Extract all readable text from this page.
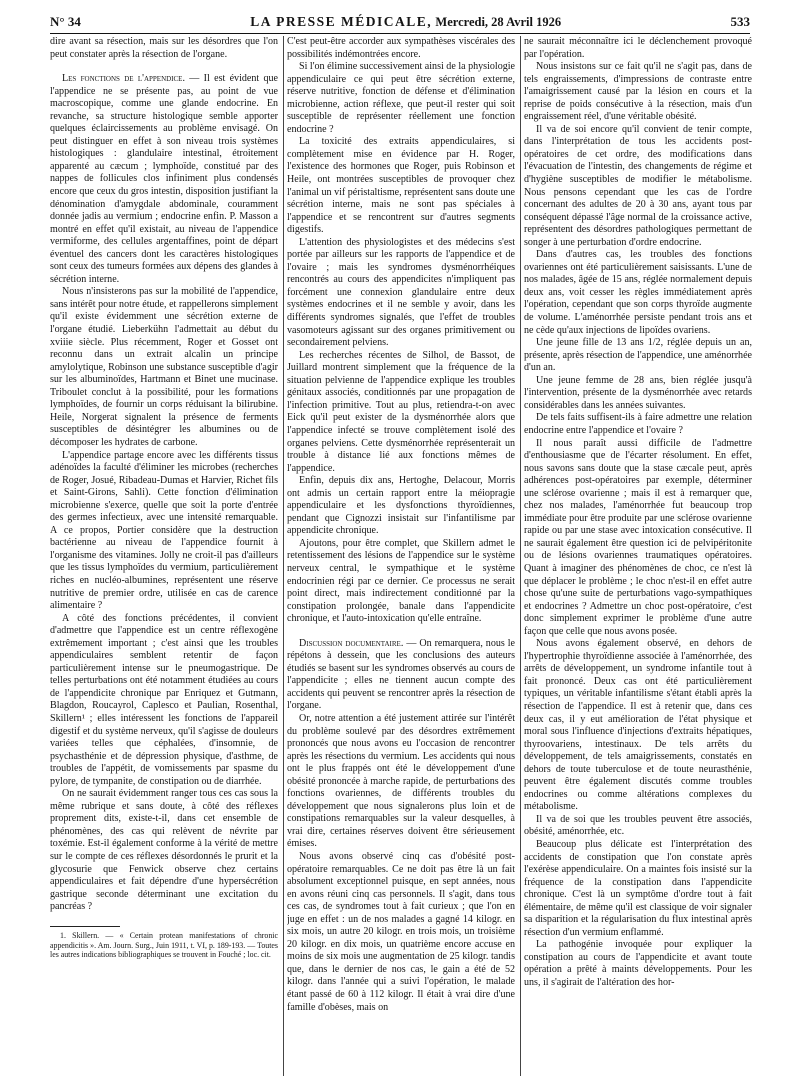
N° 34	LA PRESSE MÉDICALE, Mercredi, 28 Avril 1926	533

dire avant sa résection, mais sur les désordres que l'on peut constater après la résection de l'organe.

Les fonctions de l'appendice. — Il est évident que l'appendice ne se présente pas, au point de vue macroscopique, comme une glande endocrine. En revanche, sa structure histologique semble apporter quelques éclaircissements au problème envisagé. On peut distinguer en effet à son niveau trois systèmes histologiques : glandulaire intestinal, étroitement apparenté au cæcum ; lymphoïde, constitué par des nappes de follicules clos infiniment plus condensés encore que ceux du gros intestin, disposition justifiant la dénomination d'amygdale abdominale, couramment donnée jadis au vermium ; endocrine enfin. P. Masson a montré en effet qu'il existait, au niveau de l'appendice vermiforme, des cellules argentaffines, point de départ éventuel des cancers dont les caractères histologiques sont ceux des tumeurs formées aux dépens des glandes à sécrétion interne.

Nous n'insisterons pas sur la mobilité de l'appendice, sans intérêt pour notre étude, et rappellerons simplement qu'il existe évidemment une sécrétion externe de l'organe étudié. Lieberkühn l'admettait au début du xviiie siècle. Plus récemment, Roger et Gosset ont reconnu dans un extrait alcalin un principe amylolytique, Robinson une substance susceptible d'agir sur les albuminoïdes, Hartmann et Binet une mucinase. Triboulet conclut à la possibilité, pour les formations lymphoïdes, de fournir un corps réduisant la bilirubine. Heile, Norgerat signalent la présence de ferments susceptibles de désintégrer les albumines ou de décomposer les hydrates de carbone.

L'appendice partage encore avec les différents tissus adénoïdes la faculté d'éliminer les microbes (recherches de Roger, Josué, Ribadeau-Dumas et Harvier, Richet fils et Saint-Girons, Sahli). Cette fonction d'élimination microbienne s'exerce, quelle que soit la porte d'entrée des germes infectieux, avec une intensité remarquable. A ce propos, Portier considère que la destruction bactérienne au niveau de l'appendice fournit à l'organisme des vitamines. Jolly ne croit-il pas d'ailleurs que les tissus lymphoïdes du vermium, particulièrement riches en nucléo-albumines, représentent une réserve nutritive de premier ordre, utilisée en cas de carence alimentaire ?

A côté des fonctions précédentes, il convient d'admettre que l'appendice est un centre réflexogène extrêmement important ; c'est ainsi que les troubles appendiculaires semblent retentir de façon particulièrement intense sur le pneumogastrique. De telles perturbations ont été notamment étudiées au cours de l'appendicite chronique par Enriquez et Gutmann, Blagdon, Roucayrol, Caplesco et Paulian, Rosenthal, Skillern¹ ; elles intéressent les fonctions de l'appareil digestif et du système nerveux, qu'il s'agisse de douleurs variées telles que céphalées, d'insomnie, de psychasthénie et de dépression physique, d'asthme, de troubles de l'appétit, de vomissements par spasme du pylore, de tympanite, de constipation ou de diarrhée.

On ne saurait évidemment ranger tous ces cas sous la même rubrique et sans doute, à côté des réflexes proprement dits, existe-t-il, dans cet ensemble de phénomènes, des cas qui relèvent de névrite par toxémie. Est-il également conforme à la vérité de mettre sur le compte de ces réflexes désordonnés le prurit et la glycosurie que Fenwick observe chez certains appendiculaires et fait dépendre d'une hypersécrétion gastrique seconde déterminant une excitation du pancréas ?

1. Skillern. — « Certain protean manifestations of chronic appendicitis ». Am. Journ. Surg., Juin 1911, t. VI, p. 189-193. — Toutes les autres indications bibliographiques se trouvent in Fouché ; loc. cit.

C'est peut-être accorder aux sympathèses viscérales des possibilités indémontrées encore.

Si l'on élimine successivement ainsi de la physiologie appendiculaire ce qui peut être sécrétion externe, réserve nutritive, fonction de défense et d'élimination microbienne, action réflexe, que peut-il rester qui soit susceptible de représenter réellement une fonction endocrine ?

La toxicité des extraits appendiculaires, si complètement mise en évidence par H. Roger, l'existence des hormones que Roger, puis Robinson et Heile, ont montrées susceptibles de provoquer chez l'animal un vif péristaltisme, représentent sans doute une sécrétion interne, mais ne sont pas spéciales à l'appendice et se rencontrent sur d'autres segments digestifs.

L'attention des physiologistes et des médecins s'est portée par ailleurs sur les rapports de l'appendice et de l'ovaire ; mais les syndromes dysménorrhéiques rencontrés au cours des appendicites n'impliquent pas forcément une connexion glandulaire entre deux systèmes endocrines et il ne semble y avoir, dans les différents syndromes signalés, que l'effet de troubles vasomoteurs agissant sur des organes primitivement ou secondairement pelviens.

Les recherches récentes de Silhol, de Bassot, de Juillard montrent simplement que la fréquence de la situation pelvienne de l'appendice explique les troubles génitaux associés, conditionnés par une propagation de l'infection primitive. Tout au plus, retiendra-t-on avec Eick qu'il peut exister de la dysménorrhée alors que l'appendice infecté se trouve complètement isolé des organes pelviens. Cette dysménorrhée représenterait un trouble à distance lié aux fonctions mêmes de l'appendice.

Enfin, depuis dix ans, Hertoghe, Delacour, Morris ont admis un certain rapport entre la méiopragie appendiculaire et les dysfonctions thyroïdiennes, pendant que Cignozzi insistait sur l'infantilisme par appendicite chronique.

Ajoutons, pour être complet, que Skillern admet le retentissement des lésions de l'appendice sur le système nerveux central, le sympathique et le système endocrinien régi par ce dernier. Ce processus ne serait point direct, mais indirectement conditionné par la constipation prolongée, banale dans l'appendicite chronique, et l'auto-intoxication qu'elle entraîne.

Discussion documentaire. — On remarquera, nous le répétons à dessein, que les conclusions des auteurs étudiés se basent sur les syndromes observés au cours de l'appendicite ; elles ne tiennent aucun compte des accidents qui peuvent se rencontrer après la résection de l'organe.

Or, notre attention a été justement attirée sur l'intérêt du problème soulevé par des désordres extrêmement prononcés que nous avons eu l'occasion de rencontrer après les résections du vermium. Les accidents qui nous ont le plus frappés ont été le développement d'une obésité prononcée à marche rapide, de perturbations des fonctions ovariennes, de différents troubles du développement que nous signalerons plus loin et de constipations remarquables sur la valeur desquelles, à vrai dire, certaines réserves doivent être sérieusement émises.

Nous avons observé cinq cas d'obésité post-opératoire remarquables. Ce ne doit pas être là un fait absolument exceptionnel puisque, en sept années, nous en avons réuni cinq cas personnels. Il s'agit, dans tous ces cas, de syndromes tout à fait curieux ; que l'on en juge en effet : un de nos malades a gagné 14 kilogr. en six mois, un autre 20 kilogr. en trois mois, un troisième 20 kilogr. en dix mois, un quatrième encore accuse en moins de six mois une augmentation de 25 kilogr. tandis que, dans le dernier de nos cas, le gain a été de 52 kilogr. dans l'année qui a suivi l'opération, le malade étant passé de 60 à 112 kilogr. Il était à vrai dire d'une famille d'obèses, mais on

ne saurait méconnaître ici le déclenchement provoqué par l'opération.

Nous insistons sur ce fait qu'il ne s'agit pas, dans de tels engraissements, d'impressions de contraste entre l'amaigrissement causé par la lésion en cours et la reprise de poids consécutive à la résection, mais d'un engraissement réel, d'une véritable obésité.

Il va de soi encore qu'il convient de tenir compte, dans l'interprétation de tous les accidents post-opératoires de cet ordre, des modifications dans l'évacuation de l'intestin, des changements de régime et d'hygiène susceptibles de modifier le métabolisme. Nous pensons cependant que les cas de l'ordre concernant des adultes de 20 à 30 ans, ayant tous par conséquent dépassé l'âge normal de la croissance active, représentent des désordres pathologiques permettant de songer à une perturbation d'ordre endocrine.

Dans d'autres cas, les troubles des fonctions ovariennes ont été particulièrement saisissants. L'une de nos malades, âgée de 15 ans, réglée normalement depuis deux ans, voit cesser les règles immédiatement après l'opération, cependant que son corps thyroïde augmente de volume. L'aménorrhée persiste pendant trois ans et ne cède qu'aux injections de lipoïdes ovariens.

Une jeune fille de 13 ans 1/2, réglée depuis un an, présente, après résection de l'appendice, une aménorrhée d'un an.

Une jeune femme de 28 ans, bien réglée jusqu'à l'intervention, présente de la dysménorrhée avec retards considérables dans les années suivantes.

De tels faits suffisent-ils à faire admettre une relation endocrine entre l'appendice et l'ovaire ?

Il nous paraît aussi difficile de l'admettre d'enthousiasme que de l'écarter résolument. En effet, nous savons sans doute que la stase cæcale peut, après adhérences post-opératoires par exemple, déterminer une sclérose ovarienne ; mais il est à remarquer que, chez nos malades, l'aménorrhée fut beaucoup trop immédiate pour être produite par une sclérose ovarienne rapide ou par une stase avec intoxication consécutive. Il ne saurait également être question ici de pelvipéritonite ou de lésions ovariennes traumatiques opératoires. Quant à imaginer des phénomènes de choc, ce n'est là que déplacer le problème ; le choc n'est-il en effet autre chose qu'une suite de perturbations vago-sympathiques et endocrines ? Admettre un choc post-opératoire, c'est donc simplement exprimer le problème d'une autre façon que celle que nous avons posée.

Nous avons également observé, en dehors de l'hypertrophie thyroïdienne associée à l'aménorrhée, des arrêts de développement, un syndrome infantile tout à fait prononcé. Deux cas ont été particulièrement typiques, un véritable infantilisme s'étant établi après la résection de l'appendice. Il est à retenir que, dans ces deux cas, il y eut amélioration de l'état physique et moral sous l'influence d'injections d'extraits hépatiques, thyroovariens, intestinaux. De tels arrêts du développement, de tels amaigrissements, constatés en dehors de toute tuberculose et de toute neurasthénie, peuvent être également discutés comme troubles endocrines ou comme altérations complexes du métabolisme.

Il va de soi que les troubles peuvent être associés, obésité, aménorrhée, etc.

Beaucoup plus délicate est l'interprétation des accidents de constipation que l'on constate après l'exérèse appendiculaire. On a maintes fois insisté sur la fréquence de la constipation dans l'appendicite chronique. C'est là un symptôme d'ordre tout à fait élémentaire, de même qu'il est classique de voir signaler sa disparition et la régularisation du flux intestinal après résection d'un vermium enflammé.

La pathogénie invoquée pour expliquer la constipation au cours de l'appendicite et avant toute opération a prêté à maints développements. Pour les uns, il s'agirait de l'altération des hor-
